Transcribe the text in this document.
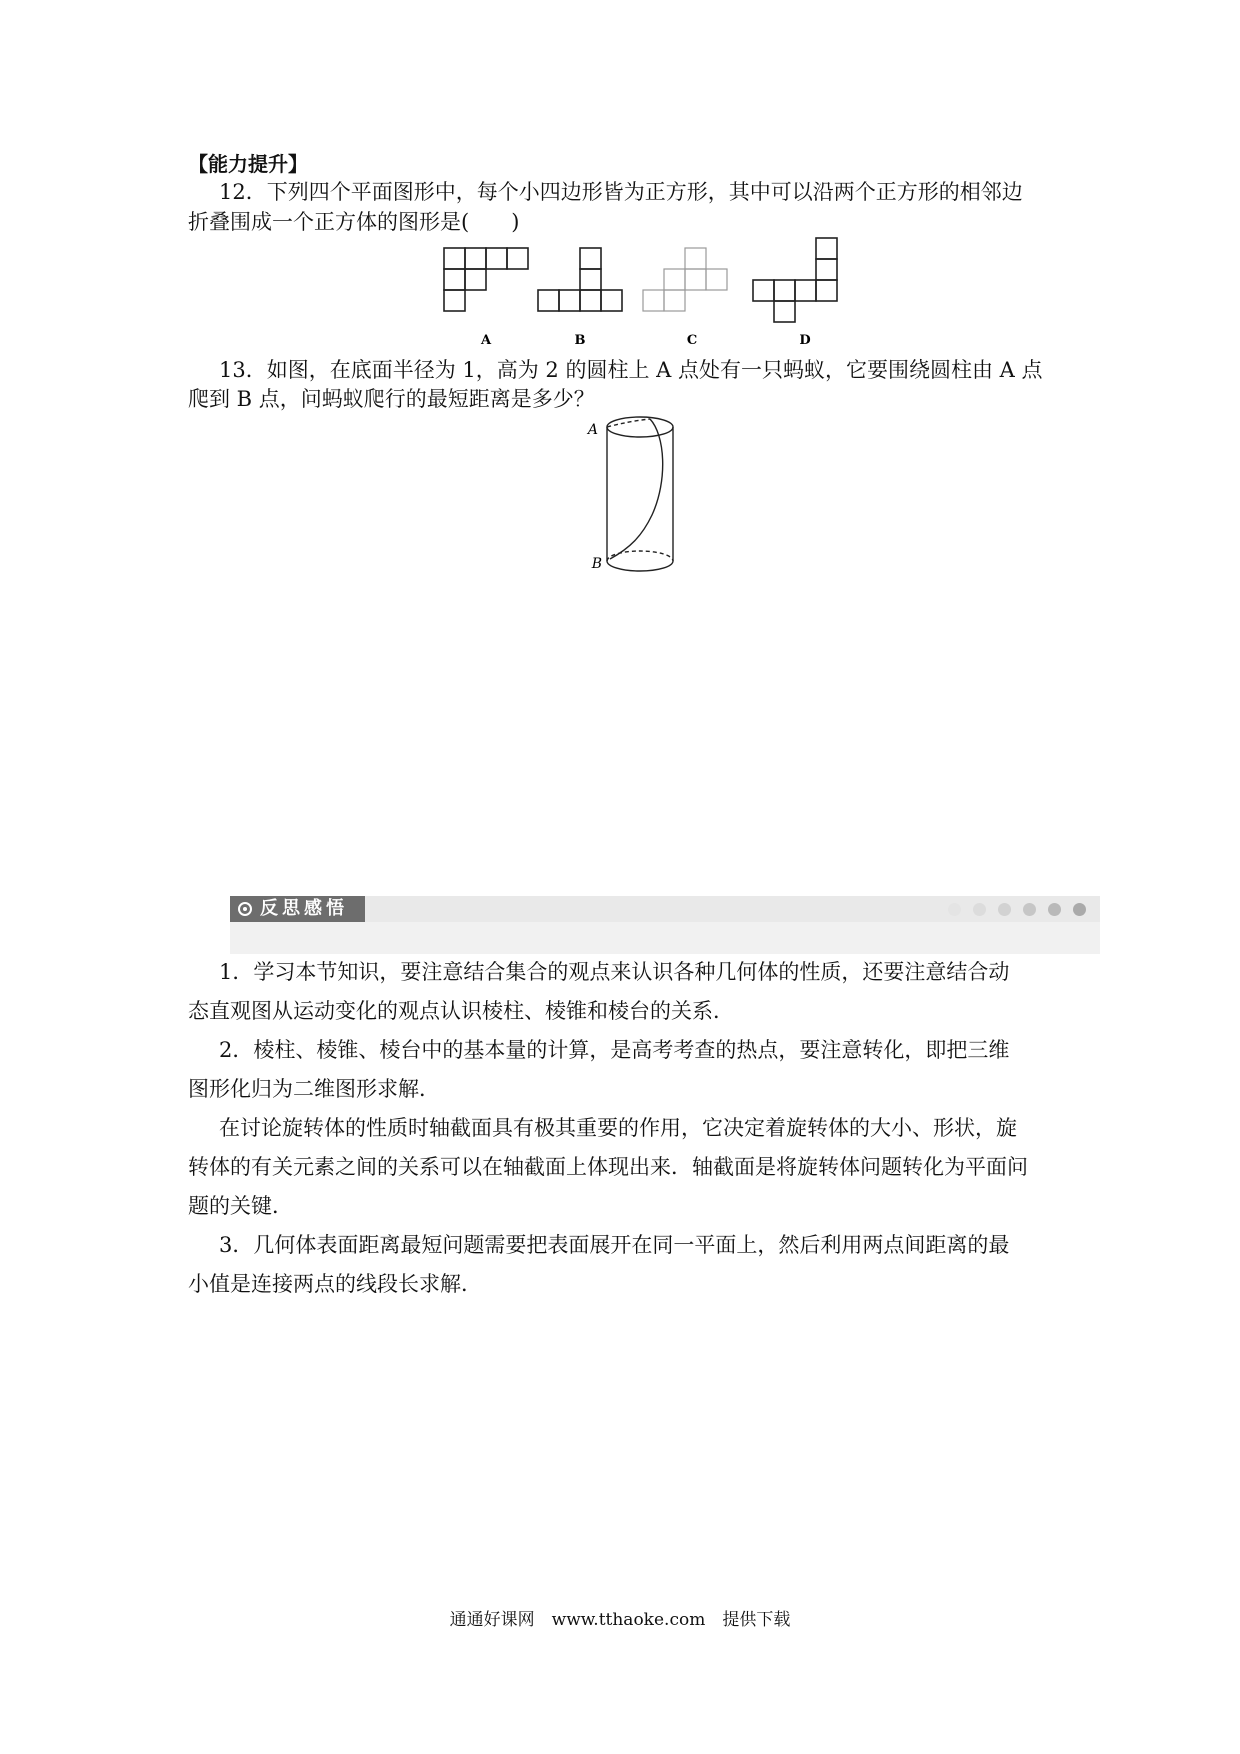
【能力提升】
12．下列四个平面图形中，每个小四边形皆为正方形，其中可以沿两个正方形的相邻边
折叠围成一个正方体的图形是(　　)
A	B	C	D
13．如图，在底面半径为 1，高为 2 的圆柱上 A 点处有一只蚂蚁，它要围绕圆柱由 A 点
爬到 B 点，问蚂蚁爬行的最短距离是多少？
A
B
反思感悟
1．学习本节知识，要注意结合集合的观点来认识各种几何体的性质，还要注意结合动
态直观图从运动变化的观点认识棱柱、棱锥和棱台的关系．
2．棱柱、棱锥、棱台中的基本量的计算，是高考考查的热点，要注意转化，即把三维
图形化归为二维图形求解．
在讨论旋转体的性质时轴截面具有极其重要的作用，它决定着旋转体的大小、形状，旋
转体的有关元素之间的关系可以在轴截面上体现出来．轴截面是将旋转体问题转化为平面问
题的关键．
3．几何体表面距离最短问题需要把表面展开在同一平面上，然后利用两点间距离的最
小值是连接两点的线段长求解．
通通好课网　www.tthaoke.com　提供下载
